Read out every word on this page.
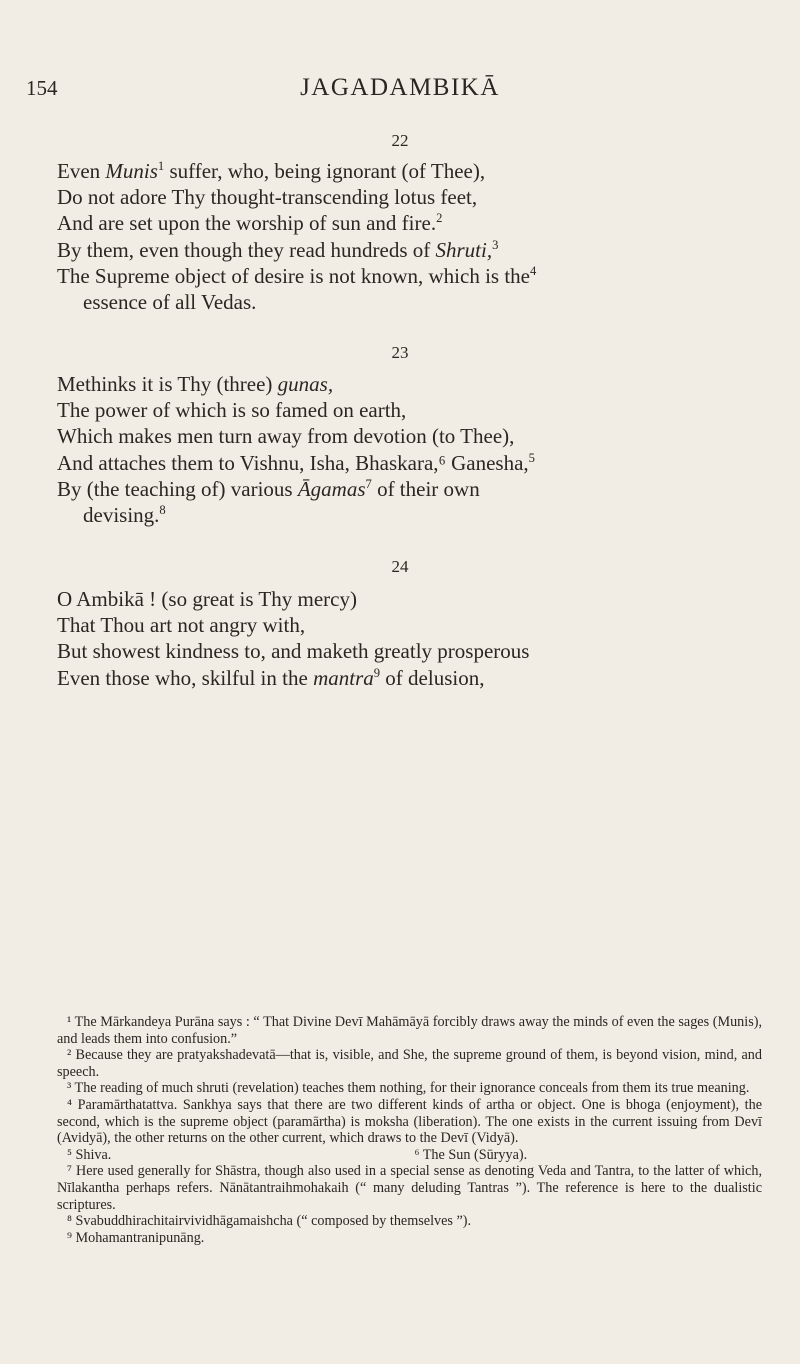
154	JAGADAMBIKĀ
22
Even Munis$^1$ suffer, who, being ignorant (of Thee),
Do not adore Thy thought-transcending lotus feet,
And are set upon the worship of sun and fire.$^2$
By them, even though they read hundreds of Shruti,$^3$
The Supreme object of desire is not known, which is the$^4$
essence of all Vedas.
23
Methinks it is Thy (three) gunas,
The power of which is so famed on earth,
Which makes men turn away from devotion (to Thee),
And attaches them to Vishnu, Isha, Bhaskara,⁶ Ganesha,$^5$
By (the teaching of) various Āgamas$^7$ of their own
devising.$^8$
24
O Ambikā ! (so great is Thy mercy)
That Thou art not angry with,
But showest kindness to, and maketh greatly prosperous
Even those who, skilful in the mantra$^9$ of delusion,
¹ The Mārkandeya Purāna says : “ That Divine Devī Mahāmāyā forcibly draws away the minds of even the sages (Munis), and leads them into confusion.”
² Because they are pratyakshadevatā—that is, visible, and She, the supreme ground of them, is beyond vision, mind, and speech.
³ The reading of much shruti (revelation) teaches them nothing, for their ignorance conceals from them its true meaning.
⁴ Paramārthatattva. Sankhya says that there are two different kinds of artha or object. One is bhoga (enjoyment), the second, which is the supreme object (paramārtha) is moksha (liberation). The one exists in the current issuing from Devī (Avidyā), the other returns on the other current, which draws to the Devī (Vidyā).
⁵ Shiva.	⁶ The Sun (Sūryya).
⁷ Here used generally for Shāstra, though also used in a special sense as denoting Veda and Tantra, to the latter of which, Nīlakantha perhaps refers. Nānātantraihmohakaih (“ many deluding Tantras ”). The reference is here to the dualistic scriptures.
⁸ Svabuddhirachitairvividhāgamaishcha (“ composed by themselves ”).
⁹ Mohamantranipunāng.
